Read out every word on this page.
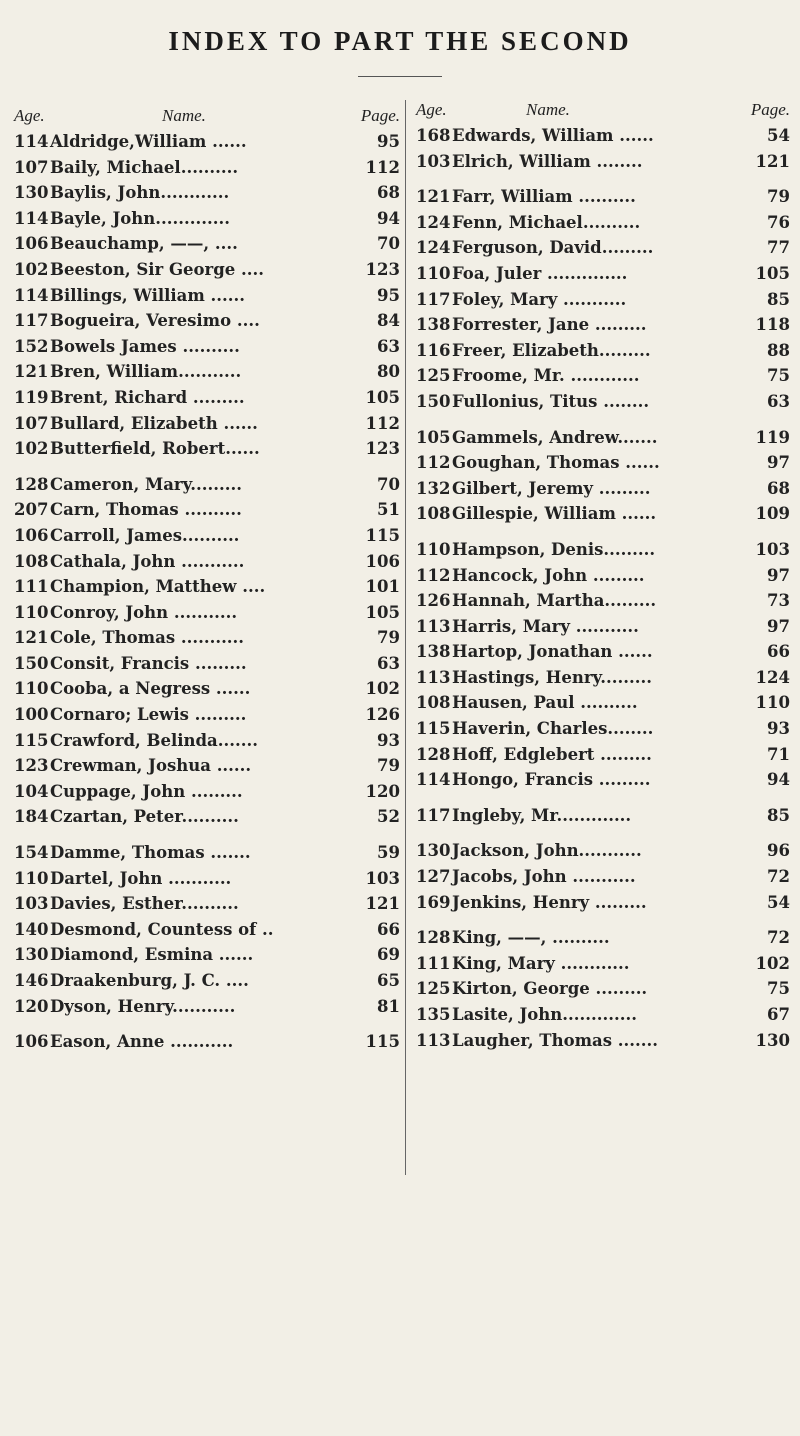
INDEX TO PART THE SECOND
Age.	Name.	Page.
114 Aldridge,William ......	95
107 Baily, Michael..........	112
130 Baylis, John............	68
114 Bayle, John.............	94
106 Beauchamp, ——, ....	70
102 Beeston, Sir George ....	123
114 Billings, William ......	95
117 Bogueira, Veresimo ....	84
152 Bowels James ..........	63
121 Bren, William...........	80
119 Brent, Richard .........	105
107 Bullard, Elizabeth ......	112
102 Butterfield, Robert......	123
128 Cameron, Mary.........	70
207 Carn, Thomas ..........	51
106 Carroll, James..........	115
108 Cathala, John ...........	106
111 Champion, Matthew ....	101
110 Conroy, John ...........	105
121 Cole, Thomas ...........	79
150 Consit, Francis .........	63
110 Cooba, a Negress ......	102
100 Cornaro; Lewis .........	126
115 Crawford, Belinda.......	93
123 Crewman, Joshua ......	79
104 Cuppage, John .........	120
184 Czartan, Peter..........	52
154 Damme, Thomas .......	59
110 Dartel, John ...........	103
103 Davies, Esther..........	121
140 Desmond, Countess of ..	66
130 Diamond, Esmina ......	69
146 Draakenburg, J. C. ....	65
120 Dyson, Henry...........	81
106 Eason, Anne ...........	115
Age.	Name.	Page.
168 Edwards, William ......	54
103 Elrich, William ........	121
121 Farr, William ..........	79
124 Fenn, Michael..........	76
124 Ferguson, David.........	77
110 Foa, Juler ..............	105
117 Foley, Mary ...........	85
138 Forrester, Jane .........	118
116 Freer, Elizabeth.........	88
125 Froome, Mr. ............	75
150 Fullonius, Titus ........	63
105 Gammels, Andrew.......	119
112 Goughan, Thomas ......	97
132 Gilbert, Jeremy .........	68
108 Gillespie, William ......	109
110 Hampson, Denis.........	103
112 Hancock, John .........	97
126 Hannah, Martha.........	73
113 Harris, Mary ...........	97
138 Hartop, Jonathan ......	66
113 Hastings, Henry.........	124
108 Hausen, Paul ..........	110
115 Haverin, Charles........	93
128 Hoff, Edglebert .........	71
114 Hongo, Francis .........	94
117 Ingleby, Mr.............	85
130 Jackson, John...........	96
127 Jacobs, John ...........	72
169 Jenkins, Henry .........	54
128 King, ——, ..........	72
111 King, Mary ............	102
125 Kirton, George .........	75
135 Lasite, John.............	67
113 Laugher, Thomas .......	130
